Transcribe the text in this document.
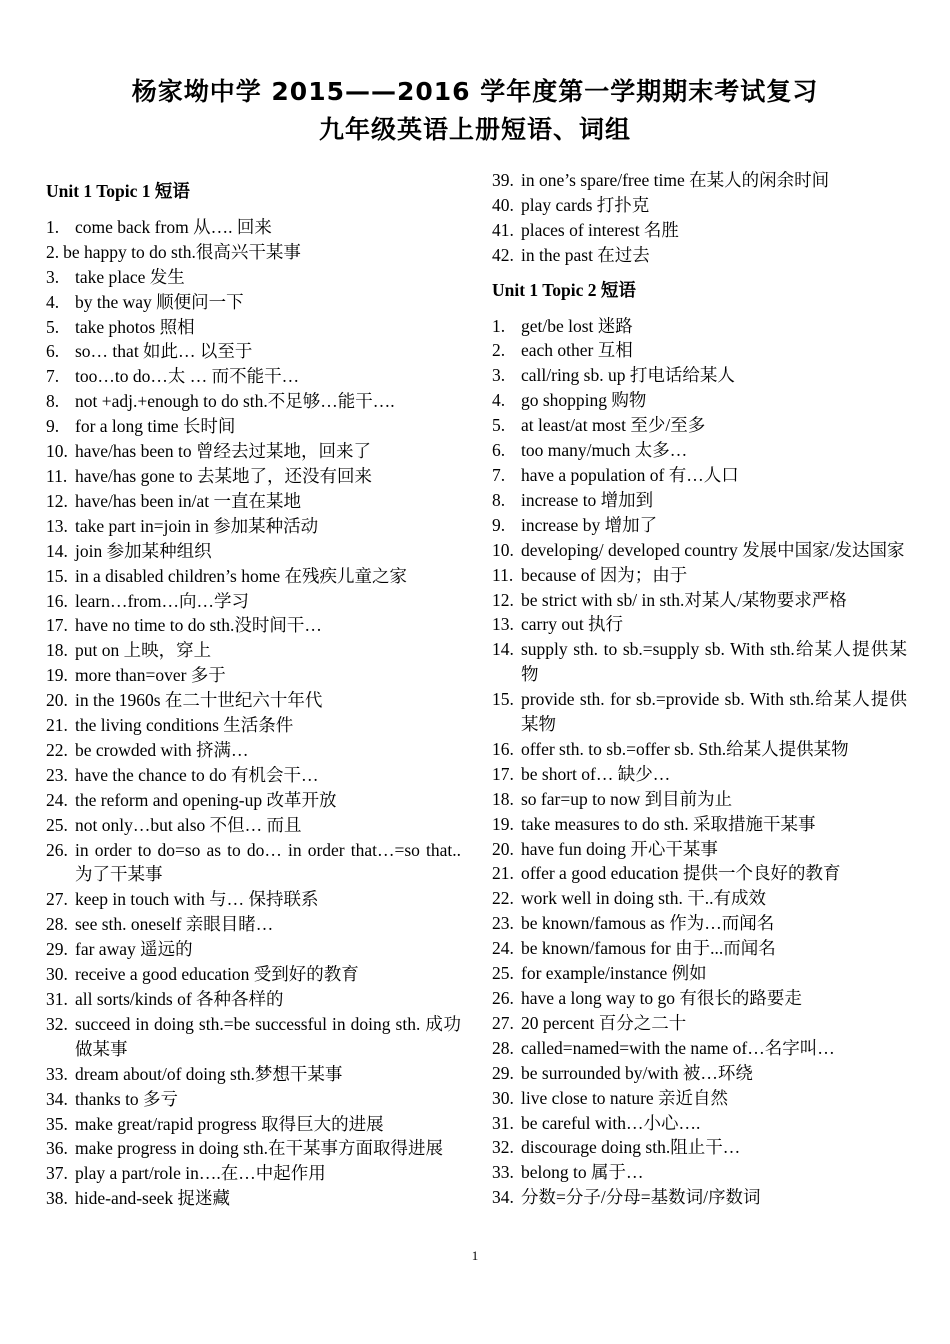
杨家坳中学 2015——2016 学年度第一学期期末考试复习
九年级英语上册短语、词组
Unit 1 Topic 1 短语
1. come back from 从…. 回来
2. be happy to do sth.很高兴干某事
3. take place 发生
4. by the way 顺便问一下
5. take photos 照相
6. so… that 如此… 以至于
7. too…to do…太 … 而不能干…
8. not +adj.+enough to do sth.不足够…能干….
9. for a long time 长时间
10. have/has been to 曾经去过某地，回来了
11. have/has gone to 去某地了，还没有回来
12. have/has been in/at 一直在某地
13. take part in=join in 参加某种活动
14. join 参加某种组织
15. in a disabled children’s home 在残疾儿童之家
16. learn…from…向…学习
17. have no time to do sth.没时间干…
18. put on 上映，穿上
19. more than=over 多于
20. in the 1960s 在二十世纪六十年代
21. the living conditions 生活条件
22. be crowded with 挤满…
23. have the chance to do 有机会干…
24. the reform and opening-up 改革开放
25. not only…but also 不但… 而且
26. in order to do=so as to do… in order that…=so that..为了干某事
27. keep in touch with 与… 保持联系
28. see sth. oneself 亲眼目睹…
29. far away 遥远的
30. receive a good education 受到好的教育
31. all sorts/kinds of 各种各样的
32. succeed in doing sth.=be successful in doing sth. 成功做某事
33. dream about/of doing sth.梦想干某事
34. thanks to 多亏
35. make great/rapid progress 取得巨大的进展
36. make progress in doing sth.在干某事方面取得进展
37. play a part/role in….在…中起作用
38. hide-and-seek 捉迷藏
39. in one’s spare/free time 在某人的闲余时间
40. play cards 打扑克
41. places of interest 名胜
42. in the past 在过去
Unit 1 Topic 2 短语
1. get/be lost 迷路
2. each other 互相
3. call/ring sb. up 打电话给某人
4. go shopping 购物
5. at least/at most 至少/至多
6. too many/much 太多…
7. have a population of 有…人口
8. increase to 增加到
9. increase by 增加了
10. developing/ developed country 发展中国家/发达国家
11. because of 因为；由于
12. be strict with sb/ in sth.对某人/某物要求严格
13. carry out 执行
14. supply sth. to sb.=supply sb. With sth.给某人提供某物
15. provide sth. for sb.=provide sb. With sth.给某人提供某物
16. offer sth. to sb.=offer sb. Sth.给某人提供某物
17. be short of… 缺少…
18. so far=up to now 到目前为止
19. take measures to do sth. 采取措施干某事
20. have fun doing 开心干某事
21. offer a good education 提供一个良好的教育
22. work well in doing sth. 干..有成效
23. be known/famous as 作为…而闻名
24. be known/famous for 由于...而闻名
25. for example/instance 例如
26. have a long way to go 有很长的路要走
27. 20 percent 百分之二十
28. called=named=with the name of…名字叫…
29. be surrounded by/with 被…环绕
30. live close to nature 亲近自然
31. be careful with…小心….
32. discourage doing sth.阻止干…
33. belong to 属于…
34. 分数=分子/分母=基数词/序数词
1
